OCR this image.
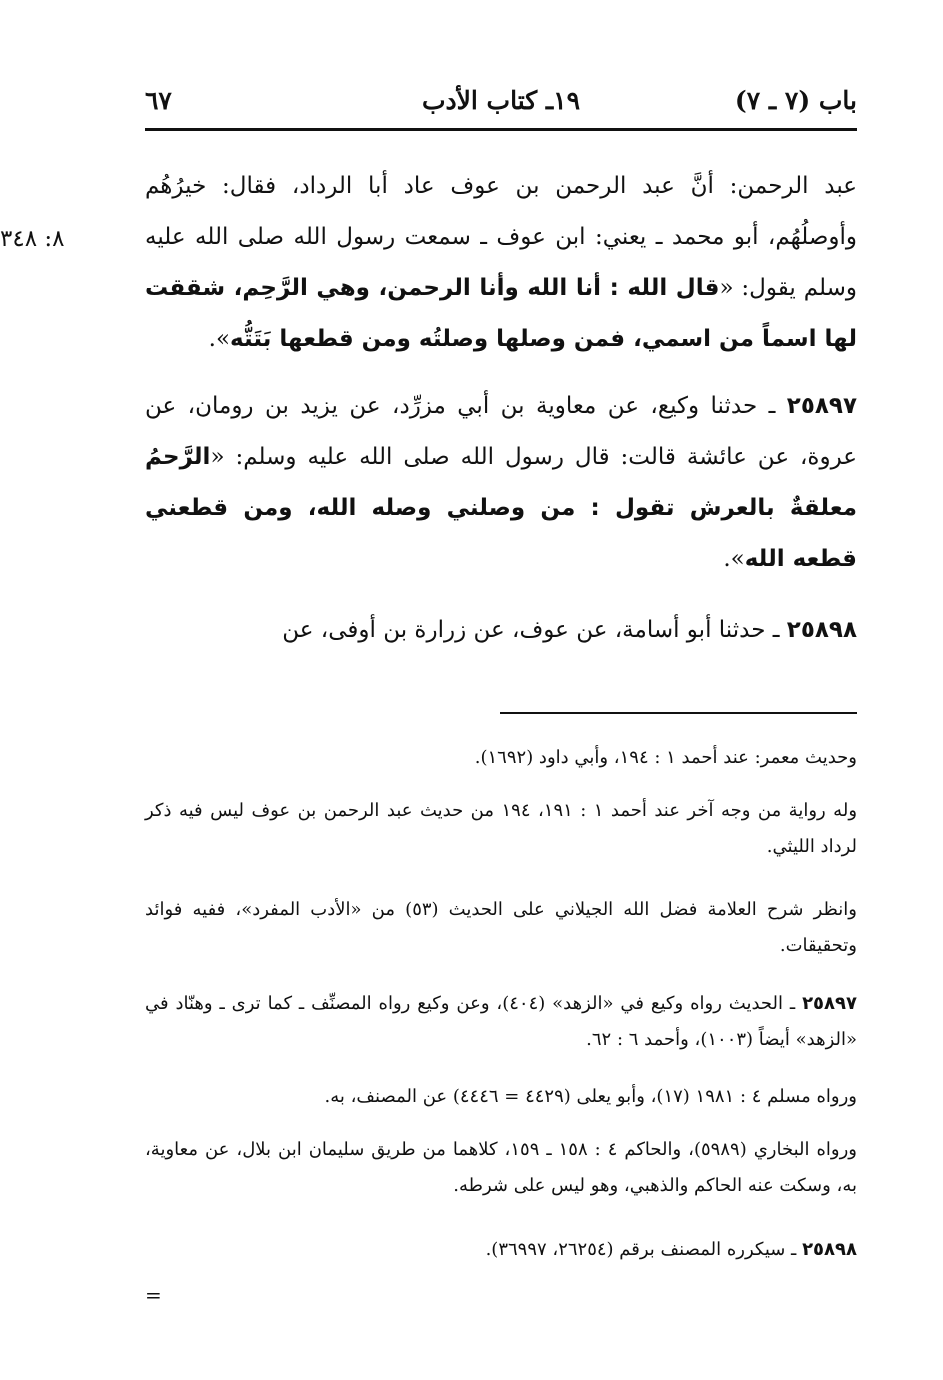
باب (٧ ـ ٧)
١٩ـ كتاب الأدب
٦٧
٨: ٣٤٨
عبد الرحمن: أنَّ عبد الرحمن بن عوف عاد أبا الرداد، فقال: خيرُهُم وأوصلُهُم، أبو محمد ـ يعني: ابن عوف ـ سمعت رسول الله صلى الله عليه وسلم يقول: «قال الله : أنا الله وأنا الرحمن، وهي الرَّحِم، شققت لها اسماً من اسمي، فمن وصلها وصلتُه ومن قطعها بَتَتُّه».
٢٥٨٩٧ ـ حدثنا وكيع، عن معاوية بن أبي مزرِّد، عن يزيد بن رومان، عن عروة، عن عائشة قالت: قال رسول الله صلى الله عليه وسلم: «الرَّحمُ معلقةٌ بالعرش تقول : من وصلني وصله الله، ومن قطعني قطعه الله».
٢٥٨٩٨ ـ حدثنا أبو أسامة، عن عوف، عن زرارة بن أوفى، عن
وحديث معمر: عند أحمد ١ : ١٩٤، وأبي داود (١٦٩٢).
وله رواية من وجه آخر عند أحمد ١ : ١٩١، ١٩٤ من حديث عبد الرحمن بن عوف ليس فيه ذكر لرداد الليثي.
وانظر شرح العلامة فضل الله الجيلاني على الحديث (٥٣) من «الأدب المفرد»، ففيه فوائد وتحقيقات.
٢٥٨٩٧ ـ الحديث رواه وكيع في «الزهد» (٤٠٤)، وعن وكيع رواه المصنِّف ـ كما ترى ـ وهنّاد في «الزهد» أيضاً (١٠٠٣)، وأحمد ٦ : ٦٢.
ورواه مسلم ٤ : ١٩٨١ (١٧)، وأبو يعلى (٤٤٢٩ = ٤٤٤٦) عن المصنف، به.
ورواه البخاري (٥٩٨٩)، والحاكم ٤ : ١٥٨ ـ ١٥٩، كلاهما من طريق سليمان ابن بلال، عن معاوية، به، وسكت عنه الحاكم والذهبي، وهو ليس على شرطه.
٢٥٨٩٨ ـ سيكرره المصنف برقم (٢٦٢٥٤، ٣٦٩٩٧).
=
